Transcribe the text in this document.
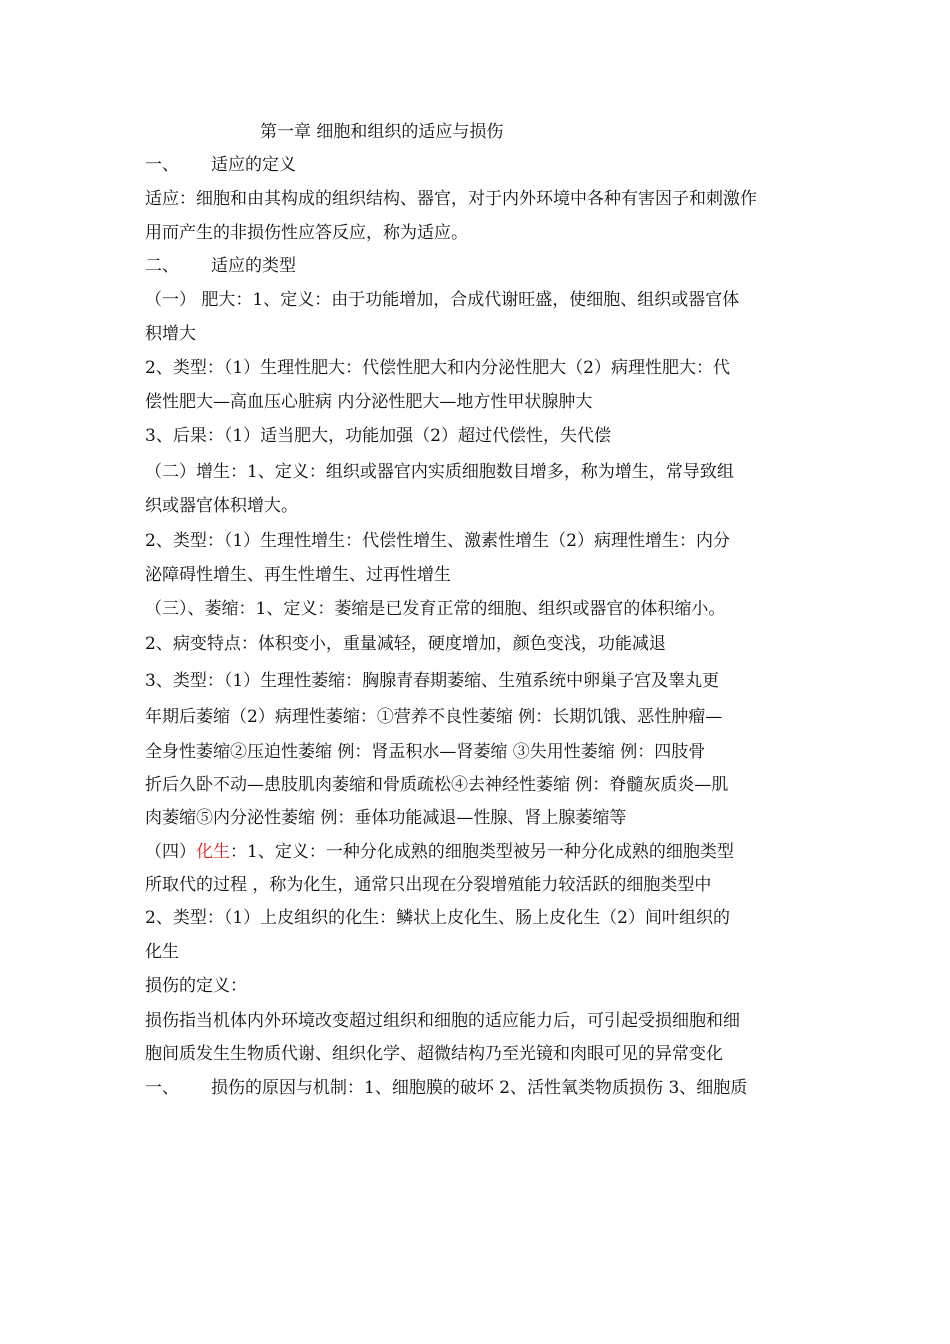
第一章 细胞和组织的适应与损伤
一、 适应的定义
适应：细胞和由其构成的组织结构、器官，对于内外环境中各种有害因子和刺激作
用而产生的非损伤性应答反应，称为适应。
二、 适应的类型
（一） 肥大：1、定义：由于功能增加，合成代谢旺盛，使细胞、组织或器官体
积增大
2、类型：（1）生理性肥大：代偿性肥大和内分泌性肥大（2）病理性肥大：代
偿性肥大—高血压心脏病 内分泌性肥大—地方性甲状腺肿大
3、后果：（1）适当肥大，功能加强（2）超过代偿性，失代偿
（二）增生：1、定义：组织或器官内实质细胞数目增多，称为增生，常导致组
织或器官体积增大。
2、类型：（1）生理性增生：代偿性增生、激素性增生（2）病理性增生：内分
泌障碍性增生、再生性增生、过再性增生
（三）、萎缩：1、定义：萎缩是已发育正常的细胞、组织或器官的体积缩小。
2、病变特点：体积变小，重量减轻，硬度增加，颜色变浅，功能减退
3、类型：（1）生理性萎缩：胸腺青春期萎缩、生殖系统中卵巢子宫及睾丸更
年期后萎缩（2）病理性萎缩：①营养不良性萎缩 例：长期饥饿、恶性肿瘤—
全身性萎缩②压迫性萎缩 例：肾盂积水—肾萎缩 ③失用性萎缩 例：四肢骨
折后久卧不动—患肢肌肉萎缩和骨质疏松④去神经性萎缩 例：脊髓灰质炎—肌
肉萎缩⑤内分泌性萎缩 例：垂体功能减退—性腺、肾上腺萎缩等
（四）化生：1、定义：一种分化成熟的细胞类型被另一种分化成熟的细胞类型
所取代的过程 ，称为化生，通常只出现在分裂增殖能力较活跃的细胞类型中
2、类型：（1）上皮组织的化生：鳞状上皮化生、肠上皮化生（2）间叶组织的
化生
损伤的定义：
损伤指当机体内外环境改变超过组织和细胞的适应能力后，可引起受损细胞和细
胞间质发生生物质代谢、组织化学、超微结构乃至光镜和肉眼可见的异常变化
一、 损伤的原因与机制：1、细胞膜的破坏 2、活性氧类物质损伤 3、细胞质
